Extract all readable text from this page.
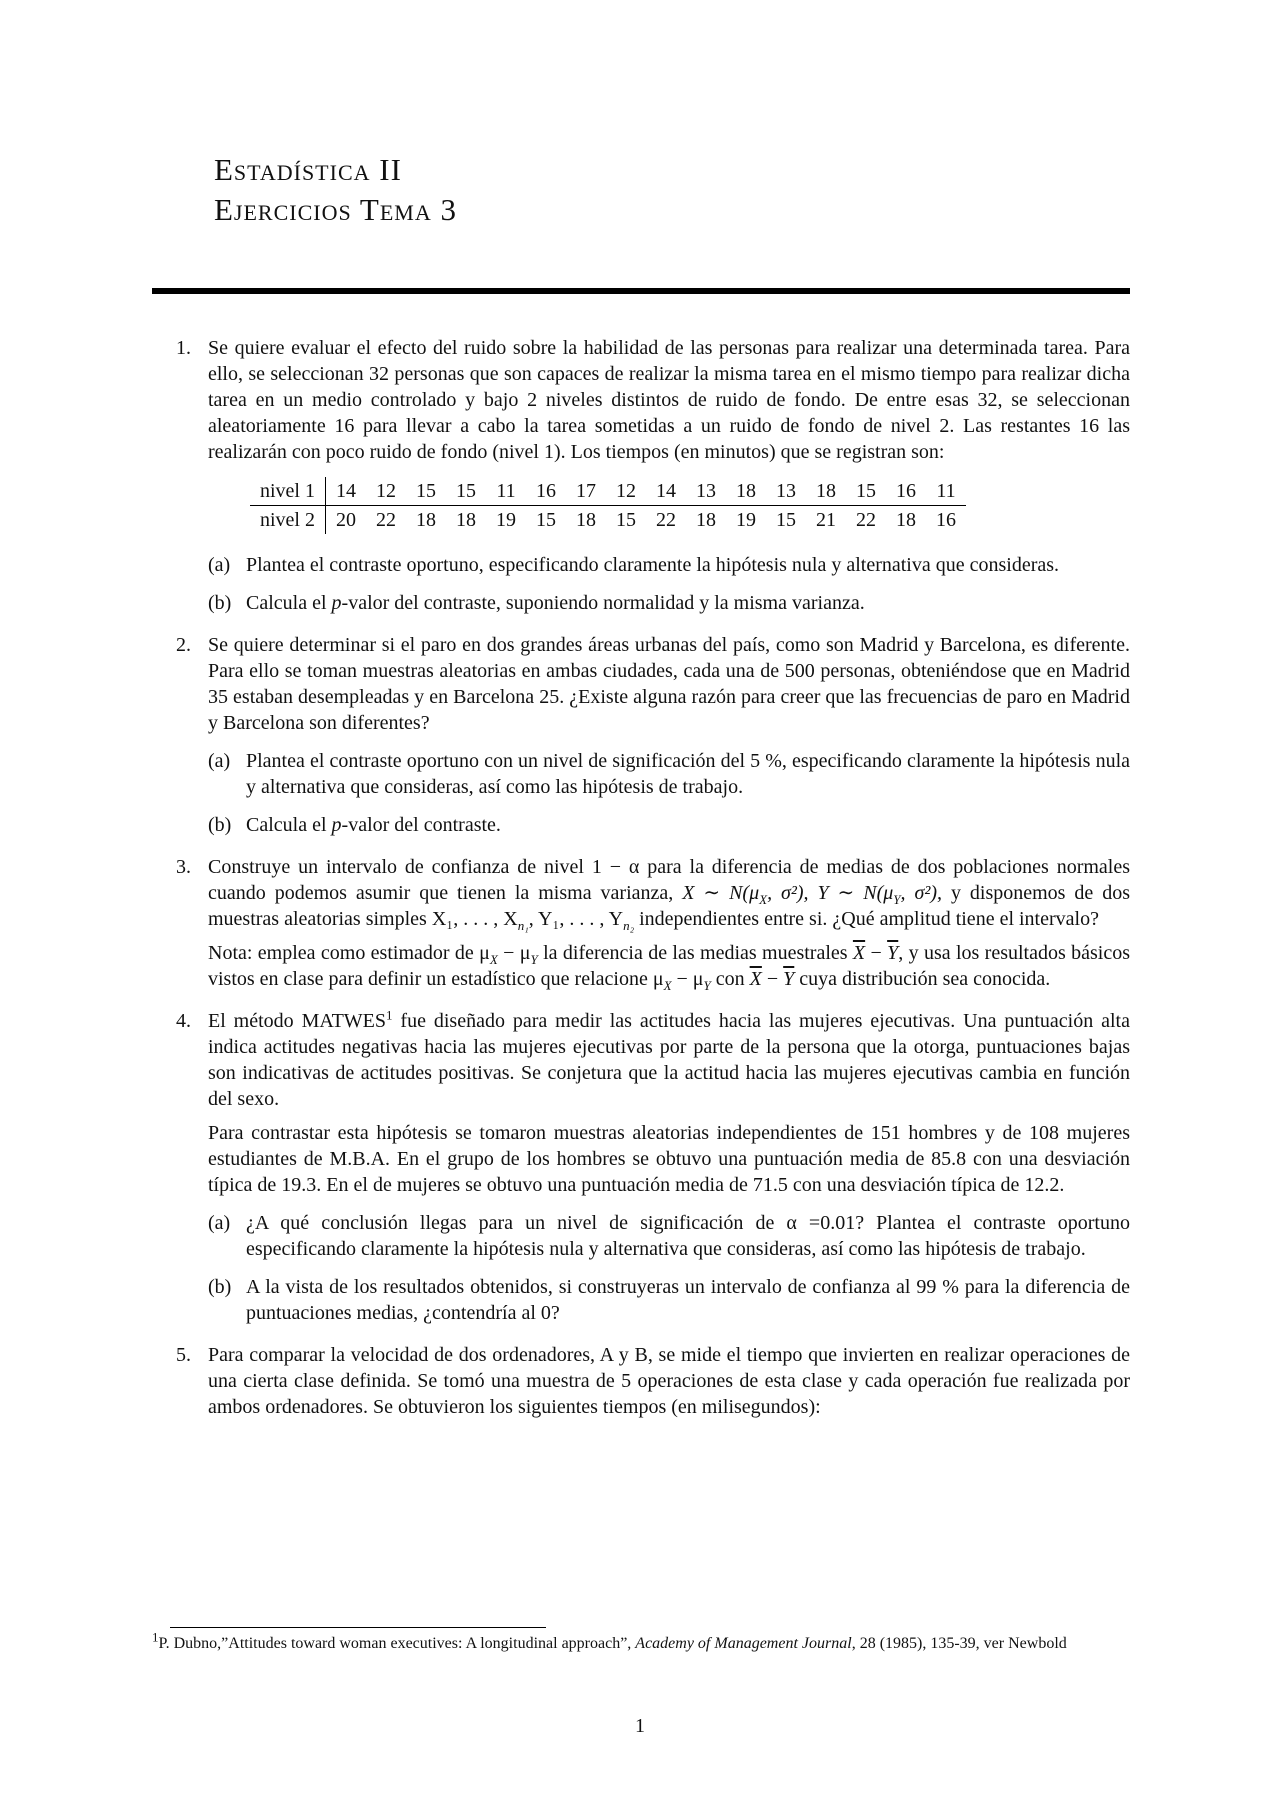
Estadística II
Ejercicios Tema 3
1. Se quiere evaluar el efecto del ruido sobre la habilidad de las personas para realizar una determinada tarea. Para ello, se seleccionan 32 personas que son capaces de realizar la misma tarea en el mismo tiempo para realizar dicha tarea en un medio controlado y bajo 2 niveles distintos de ruido de fondo. De entre esas 32, se seleccionan aleatoriamente 16 para llevar a cabo la tarea sometidas a un ruido de fondo de nivel 2. Las restantes 16 las realizarán con poco ruido de fondo (nivel 1). Los tiempos (en minutos) que se registran son:

nivel 1	14	12	15	15	11	16	17	12	14	13	18	13	18	15	16	11
nivel 2	20	22	18	18	19	15	18	15	22	18	19	15	21	22	18	16
(a) Plantea el contraste oportuno, especificando claramente la hipótesis nula y alternativa que consideras.

(b) Calcula el p-valor del contraste, suponiendo normalidad y la misma varianza.

2. Se quiere determinar si el paro en dos grandes áreas urbanas del país, como son Madrid y Barcelona, es diferente. Para ello se toman muestras aleatorias en ambas ciudades, cada una de 500 personas, obteniéndose que en Madrid 35 estaban desempleadas y en Barcelona 25. ¿Existe alguna razón para creer que las frecuencias de paro en Madrid y Barcelona son diferentes?

(a) Plantea el contraste oportuno con un nivel de significación del 5 %, especificando claramente la hipótesis nula y alternativa que consideras, así como las hipótesis de trabajo.

(b) Calcula el p-valor del contraste.

3. Construye un intervalo de confianza de nivel 1 − α para la diferencia de medias de dos poblaciones normales cuando podemos asumir que tienen la misma varianza, X ∼ $N(\mu_X$, σ²), Y ∼ $N(\mu_Y$, σ²), y disponemos de dos muestras aleatorias simples X₁, . . . , $X_{n_1}$, Y₁, . . . , $Y_{n_2}$ independientes entre si. ¿Qué amplitud tiene el intervalo?

Nota: emplea como estimador de $\mu_X - \mu_Y$ la diferencia de las medias muestrales $\overline{X} - \overline{Y}$, y usa los resultados básicos vistos en clase para definir un estadístico que relacione $\mu_X - \mu_Y$ con $\overline{X} - \overline{Y}$ cuya distribución sea conocida.

4. El método MATWES$^1$ fue diseñado para medir las actitudes hacia las mujeres ejecutivas. Una puntuación alta indica actitudes negativas hacia las mujeres ejecutivas por parte de la persona que la otorga, puntuaciones bajas son indicativas de actitudes positivas. Se conjetura que la actitud hacia las mujeres ejecutivas cambia en función del sexo.

Para contrastar esta hipótesis se tomaron muestras aleatorias independientes de 151 hombres y de 108 mujeres estudiantes de M.B.A. En el grupo de los hombres se obtuvo una puntuación media de 85.8 con una desviación típica de 19.3. En el de mujeres se obtuvo una puntuación media de 71.5 con una desviación típica de 12.2.

(a) ¿A qué conclusión llegas para un nivel de significación de α =0.01? Plantea el contraste oportuno especificando claramente la hipótesis nula y alternativa que consideras, así como las hipótesis de trabajo.

(b) A la vista de los resultados obtenidos, si construyeras un intervalo de confianza al 99 % para la diferencia de puntuaciones medias, ¿contendría al 0?

5. Para comparar la velocidad de dos ordenadores, A y B, se mide el tiempo que invierten en realizar operaciones de una cierta clase definida. Se tomó una muestra de 5 operaciones de esta clase y cada operación fue realizada por ambos ordenadores. Se obtuvieron los siguientes tiempos (en milisegundos):

$^1$P. Dubno,”Attitudes toward woman executives: A longitudinal approach”, Academy of Management Journal, 28 (1985), 135-39, ver Newbold
1
